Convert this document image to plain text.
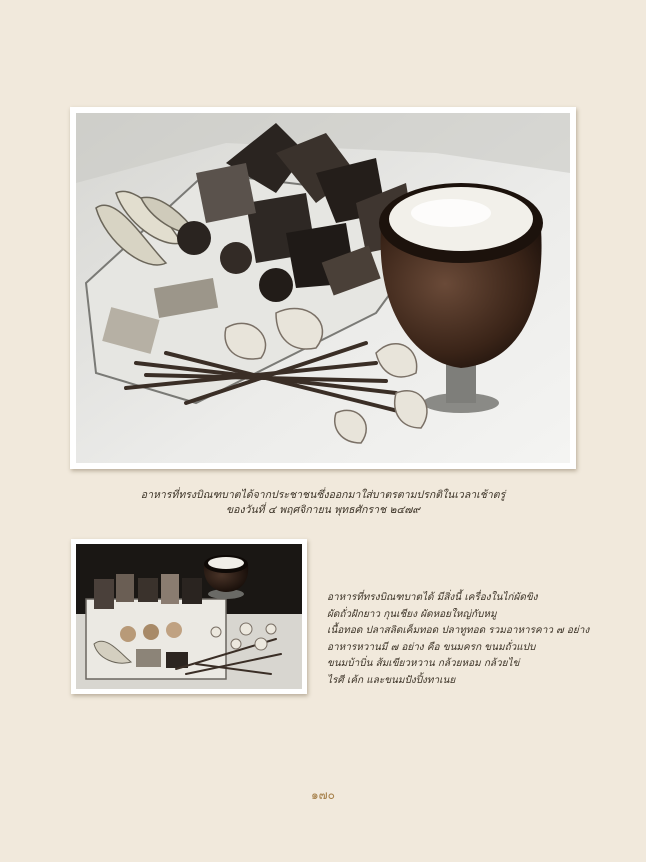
อาหารที่ทรงบิณฑบาตได้จากประชาชนซึ่งออกมาใส่บาตรตามปรกติในเวลาเช้าตรู่
ของวันที่ ๔ พฤศจิกายน พุทธศักราช ๒๔๗๙
อาหารที่ทรงบิณฑบาตได้ มีสิ่งนี้ เครื่องในไก่ผัดขิง
ผัดถั่วฝักยาว กุนเชียง ผัดหอยใหญ่กับหมู
เนื้อทอด ปลาสลิดเค็มทอด ปลาทูทอด รวมอาหารคาว ๗ อย่าง
อาหารหวานมี ๗ อย่าง คือ ขนมครก ขนมถั่วแปบ
ขนมบ้าบิ่น ส้มเขียวหวาน กล้วยหอม กล้วยไข่
ไรศี เค้ก และขนมปังปิ้งทาเนย
๑๗๐
